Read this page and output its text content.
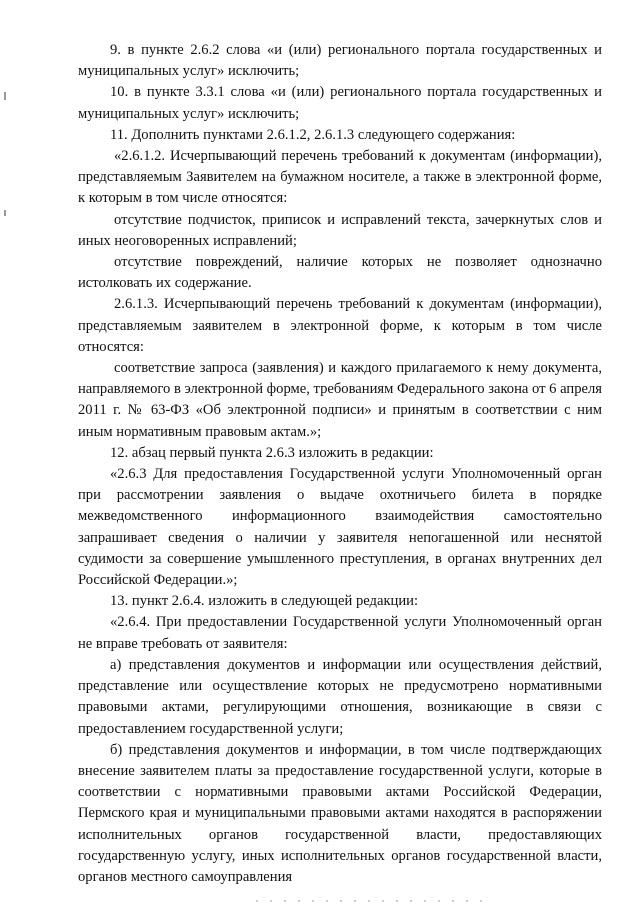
9. в пункте 2.6.2 слова «и (или) регионального портала государственных и муниципальных услуг» исключить;

10. в пункте 3.3.1 слова «и (или) регионального портала государственных и муниципальных услуг» исключить;

11. Дополнить пунктами 2.6.1.2, 2.6.1.3 следующего содержания:

«2.6.1.2. Исчерпывающий перечень требований к документам (информации), представляемым Заявителем на бумажном носителе, а также в электронной форме, к которым в том числе относятся:

отсутствие подчисток, приписок и исправлений текста, зачеркнутых слов и иных неоговоренных исправлений;

отсутствие повреждений, наличие которых не позволяет однозначно истолковать их содержание.

2.6.1.3. Исчерпывающий перечень требований к документам (информации), представляемым заявителем в электронной форме, к которым в том числе относятся:

соответствие запроса (заявления) и каждого прилагаемого к нему документа, направляемого в электронной форме, требованиям Федерального закона от 6 апреля 2011 г. № 63-ФЗ «Об электронной подписи» и принятым в соответствии с ним иным нормативным правовым актам.»;

12. абзац первый пункта 2.6.3 изложить в редакции:

«2.6.3 Для предоставления Государственной услуги Уполномоченный орган при рассмотрении заявления о выдаче охотничьего билета в порядке межведомственного информационного взаимодействия самостоятельно запрашивает сведения о наличии у заявителя непогашенной или неснятой судимости за совершение умышленного преступления, в органах внутренних дел Российской Федерации.»;

13. пункт 2.6.4. изложить в следующей редакции:

«2.6.4. При предоставлении Государственной услуги Уполномоченный орган не вправе требовать от заявителя:

а) представления документов и информации или осуществления действий, представление или осуществление которых не предусмотрено нормативными правовыми актами, регулирующими отношения, возникающие в связи с предоставлением государственной услуги;

б) представления документов и информации, в том числе подтверждающих внесение заявителем платы за предоставление государственной услуги, которые в соответствии с нормативными правовыми актами Российской Федерации, Пермского края и муниципальными правовыми актами находятся в распоряжении исполнительных органов государственной власти, предоставляющих государственную услугу, иных исполнительных органов государственной власти, органов местного самоуправления
